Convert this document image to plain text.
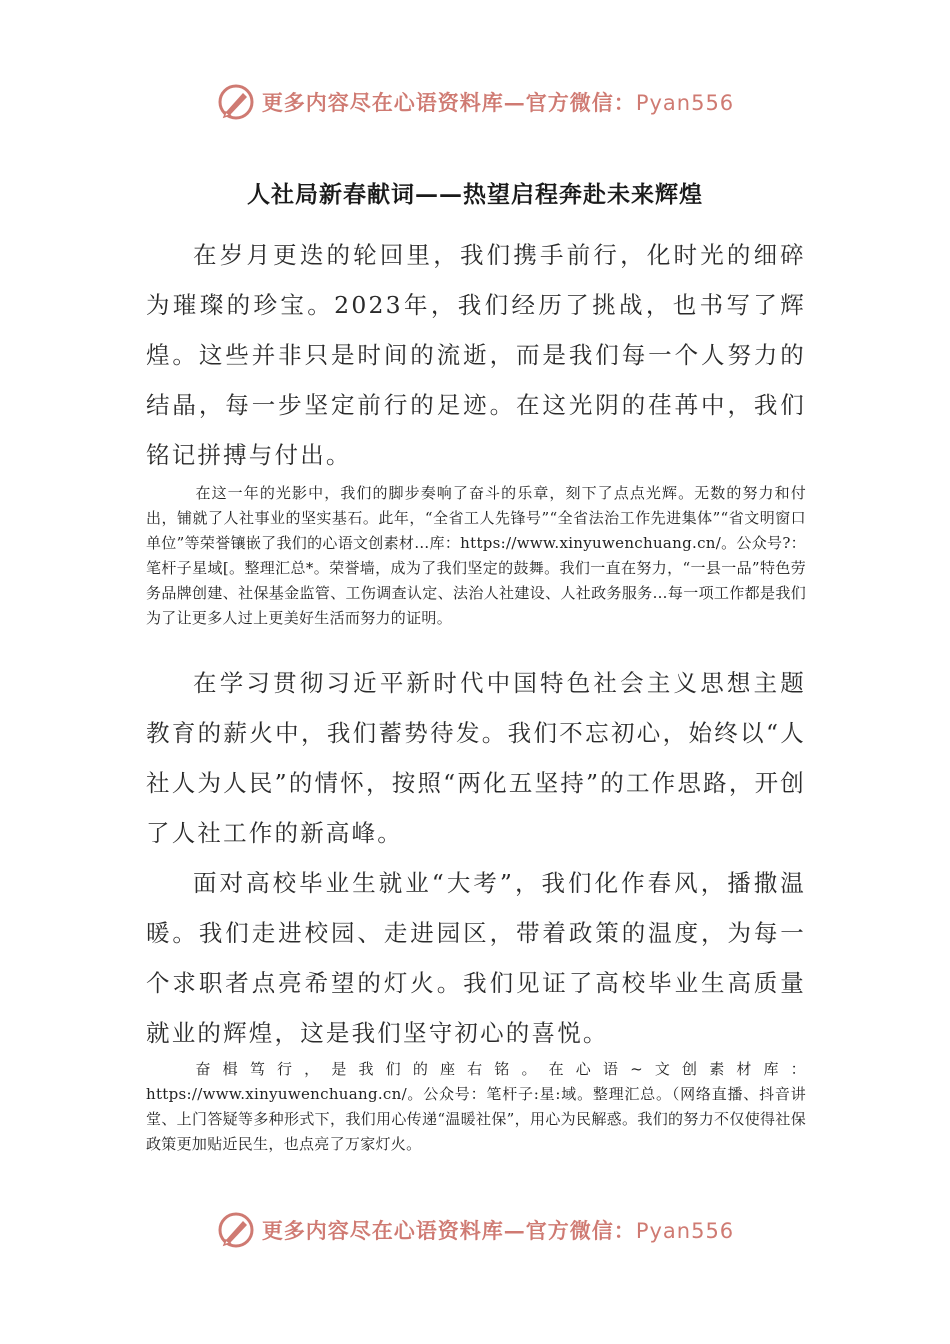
更多内容尽在心语资料库—官方微信：Pyan556
人社局新春献词——热望启程奔赴未来辉煌

在岁月更迭的轮回里，我们携手前行，化时光的细碎为璀璨的珍宝。2023年，我们经历了挑战，也书写了辉煌。这些并非只是时间的流逝，而是我们每一个人努力的结晶，每一步坚定前行的足迹。在这光阴的荏苒中，我们铭记拼搏与付出。

在这一年的光影中，我们的脚步奏响了奋斗的乐章，刻下了点点光辉。无数的努力和付出，铺就了人社事业的坚实基石。此年，“全省工人先锋号”“全省法治工作先进集体”“省文明窗口单位”等荣誉镶嵌了我们的心语文创素材…库：https://www.xinyuwenchuang.cn/。公众号?：笔杆子星域[。整理汇总*。荣誉墙，成为了我们坚定的鼓舞。我们一直在努力，“一县一品”特色劳务品牌创建、社保基金监管、工伤调查认定、法治人社建设、人社政务服务…每一项工作都是我们为了让更多人过上更美好生活而努力的证明。

在学习贯彻习近平新时代中国特色社会主义思想主题教育的薪火中，我们蓄势待发。我们不忘初心，始终以“人社人为人民”的情怀，按照“两化五坚持”的工作思路，开创了人社工作的新高峰。

面对高校毕业生就业“大考”，我们化作春风，播撒温暖。我们走进校园、走进园区，带着政策的温度，为每一个求职者点亮希望的灯火。我们见证了高校毕业生高质量就业的辉煌，这是我们坚守初心的喜悦。

奋楫笃行，是我们的座右铭。在心语~文创素材库：https://www.xinyuwenchuang.cn/。公众号：笔杆子:星:域。整理汇总。（网络直播、抖音讲堂、上门答疑等多种形式下，我们用心传递“温暖社保”，用心为民解惑。我们的努力不仅使得社保政策更加贴近民生，也点亮了万家灯火。

更多内容尽在心语资料库—官方微信：Pyan556
